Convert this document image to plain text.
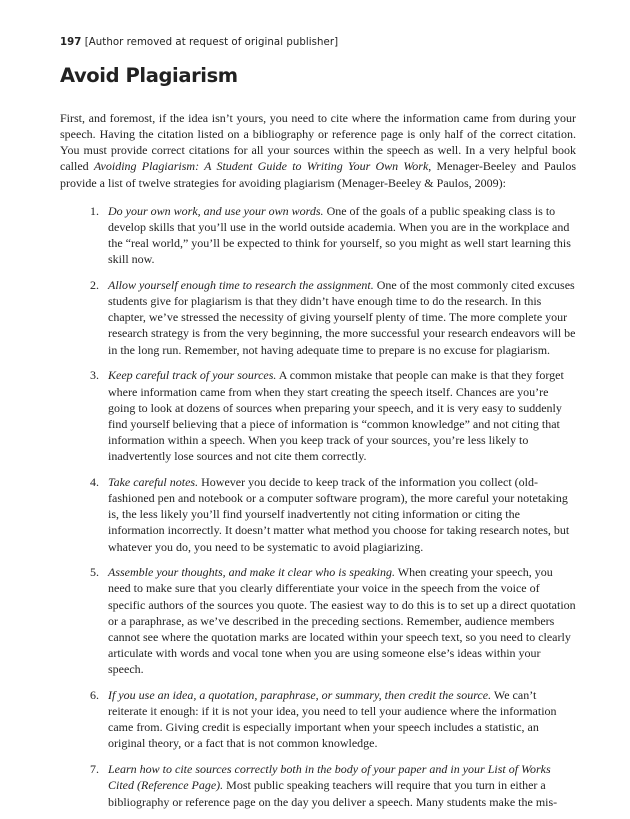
197 [Author removed at request of original publisher]
Avoid Plagiarism

First, and foremost, if the idea isn’t yours, you need to cite where the information came from during your speech. Having the citation listed on a bibliography or reference page is only half of the correct citation. You must provide correct citations for all your sources within the speech as well. In a very helpful book called Avoiding Plagiarism: A Student Guide to Writing Your Own Work, Menager-Beeley and Paulos provide a list of twelve strategies for avoiding plagiarism (Menager-Beeley & Paulos, 2009):

1. Do your own work, and use your own words. One of the goals of a public speaking class is to develop skills that you’ll use in the world outside academia. When you are in the workplace and the “real world,” you’ll be expected to think for yourself, so you might as well start learning this skill now.
2. Allow yourself enough time to research the assignment. One of the most commonly cited excuses students give for plagiarism is that they didn’t have enough time to do the research. In this chapter, we’ve stressed the necessity of giving yourself plenty of time. The more complete your research strategy is from the very beginning, the more successful your research endeavors will be in the long run. Remember, not having adequate time to prepare is no excuse for plagiarism.
3. Keep careful track of your sources. A common mistake that people can make is that they forget where information came from when they start creating the speech itself. Chances are you’re going to look at dozens of sources when preparing your speech, and it is very easy to suddenly find yourself believing that a piece of information is “common knowledge” and not citing that information within a speech. When you keep track of your sources, you’re less likely to inadvertently lose sources and not cite them correctly.
4. Take careful notes. However you decide to keep track of the information you collect (oldfashioned pen and notebook or a computer software program), the more careful your notetaking is, the less likely you’ll find yourself inadvertently not citing information or citing the information incorrectly. It doesn’t matter what method you choose for taking research notes, but whatever you do, you need to be systematic to avoid plagiarizing.
5. Assemble your thoughts, and make it clear who is speaking. When creating your speech, you need to make sure that you clearly differentiate your voice in the speech from the voice of specific authors of the sources you quote. The easiest way to do this is to set up a direct quotation or a paraphrase, as we’ve described in the preceding sections. Remember, audience members cannot see where the quotation marks are located within your speech text, so you need to clearly articulate with words and vocal tone when you are using someone else’s ideas within your speech.
6. If you use an idea, a quotation, paraphrase, or summary, then credit the source. We can’t reiterate it enough: if it is not your idea, you need to tell your audience where the information came from. Giving credit is especially important when your speech includes a statistic, an original theory, or a fact that is not common knowledge.
7. Learn how to cite sources correctly both in the body of your paper and in your List of Works Cited (Reference Page). Most public speaking teachers will require that you turn in either a bibliography or reference page on the day you deliver a speech. Many students make the mis-
